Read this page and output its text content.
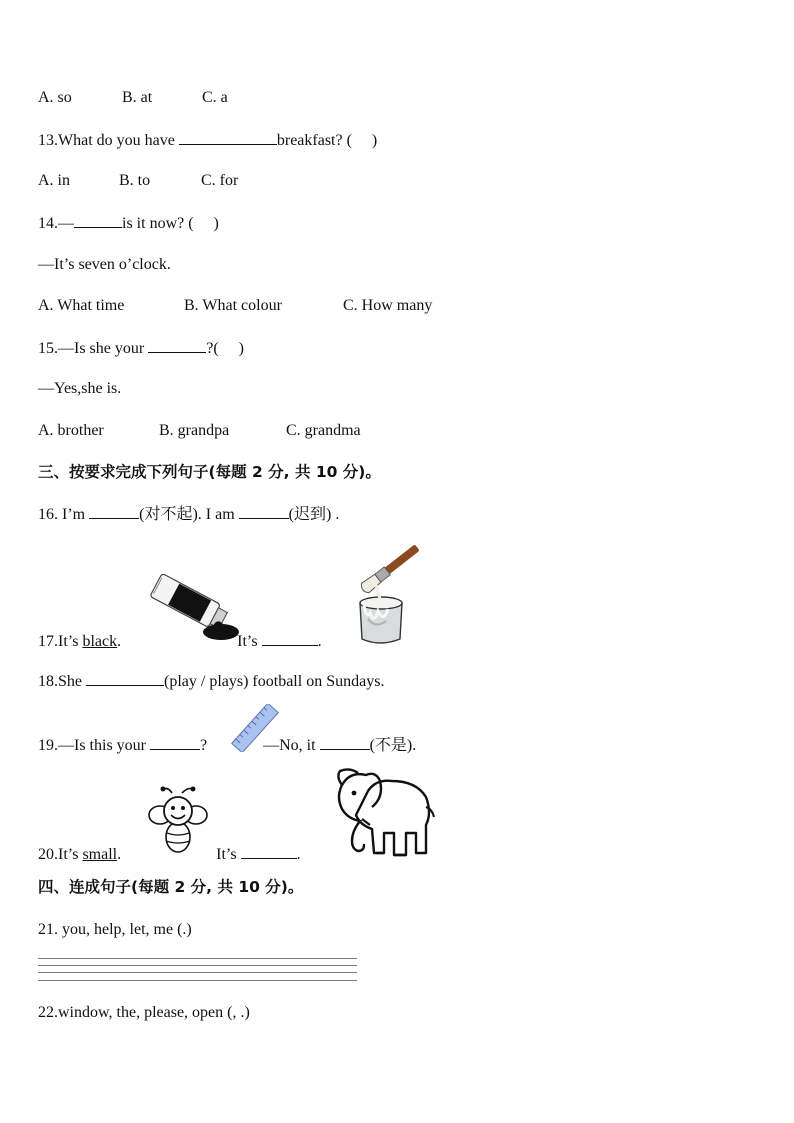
A. so	B. at	C. a
13.What do you have	breakfast? ( )
A. in	B. to	C. for
14.—	is it now? ( )
—It’s seven o’clock.
A. What time	B. What colour	C. How many
15.—Is she your	?( )
—Yes,she is.
A. brother	B. grandpa	C. grandma
三、按要求完成下列句子(每题 2 分, 共 10 分)。
16. I’m	(对不起). I am	(迟到) .
17.It’s black.	It’s	.
18.She	(play / plays) football on Sundays.
19.—Is this your	?	—No, it	(不是).
20.It’s small.	It’s	.
四、连成句子(每题 2 分, 共 10 分)。
21. you, help, let, me (.)
22.window, the, please, open (, .)
